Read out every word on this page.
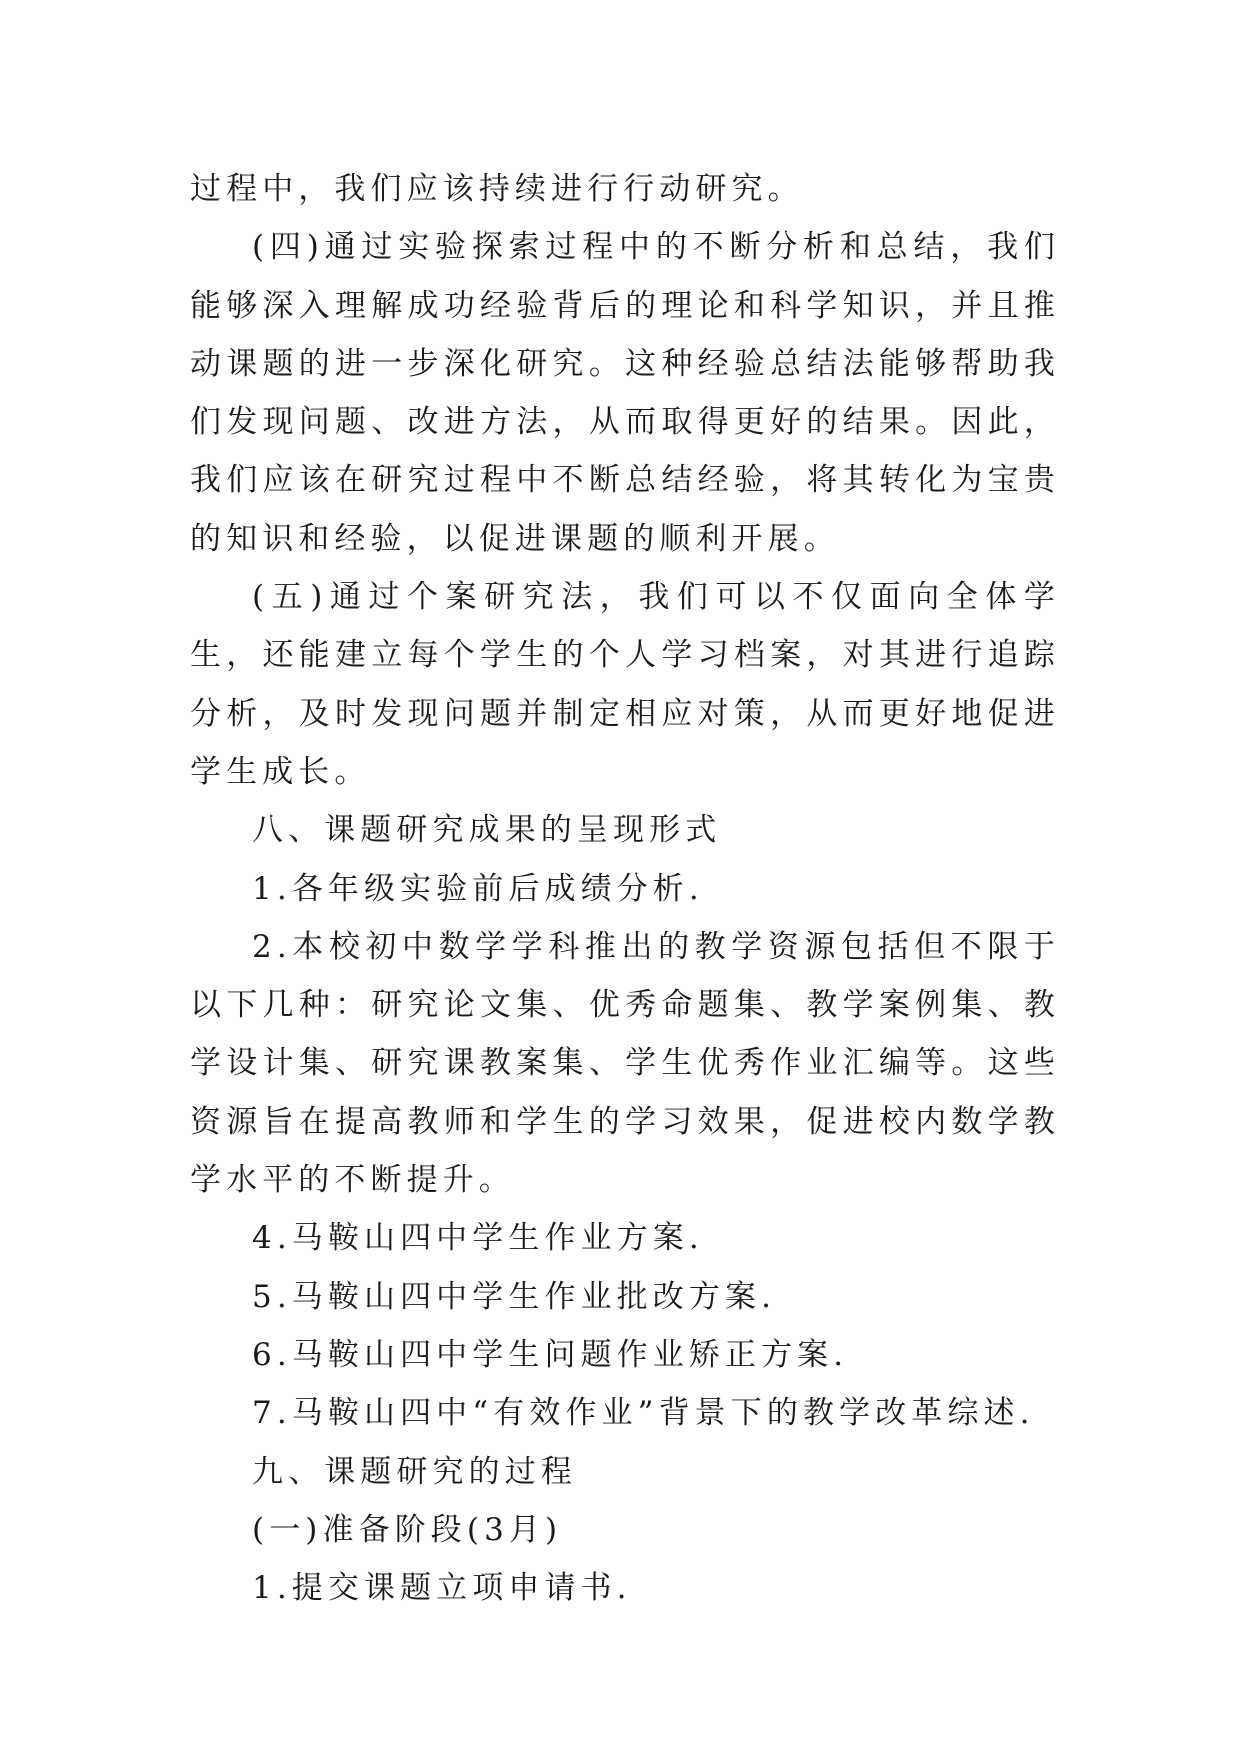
过程中，我们应该持续进行行动研究。

(四)通过实验探索过程中的不断分析和总结，我们能够深入理解成功经验背后的理论和科学知识，并且推动课题的进一步深化研究。这种经验总结法能够帮助我们发现问题、改进方法，从而取得更好的结果。因此，我们应该在研究过程中不断总结经验，将其转化为宝贵的知识和经验，以促进课题的顺利开展。

(五)通过个案研究法，我们可以不仅面向全体学生，还能建立每个学生的个人学习档案，对其进行追踪分析，及时发现问题并制定相应对策，从而更好地促进学生成长。

八、课题研究成果的呈现形式

1.各年级实验前后成绩分析.

2.本校初中数学学科推出的教学资源包括但不限于以下几种：研究论文集、优秀命题集、教学案例集、教学设计集、研究课教案集、学生优秀作业汇编等。这些资源旨在提高教师和学生的学习效果，促进校内数学教学水平的不断提升。

4.马鞍山四中学生作业方案.

5.马鞍山四中学生作业批改方案.

6.马鞍山四中学生问题作业矫正方案.

7.马鞍山四中“有效作业”背景下的教学改革综述.

九、课题研究的过程

(一)准备阶段(3月)

1.提交课题立项申请书.
